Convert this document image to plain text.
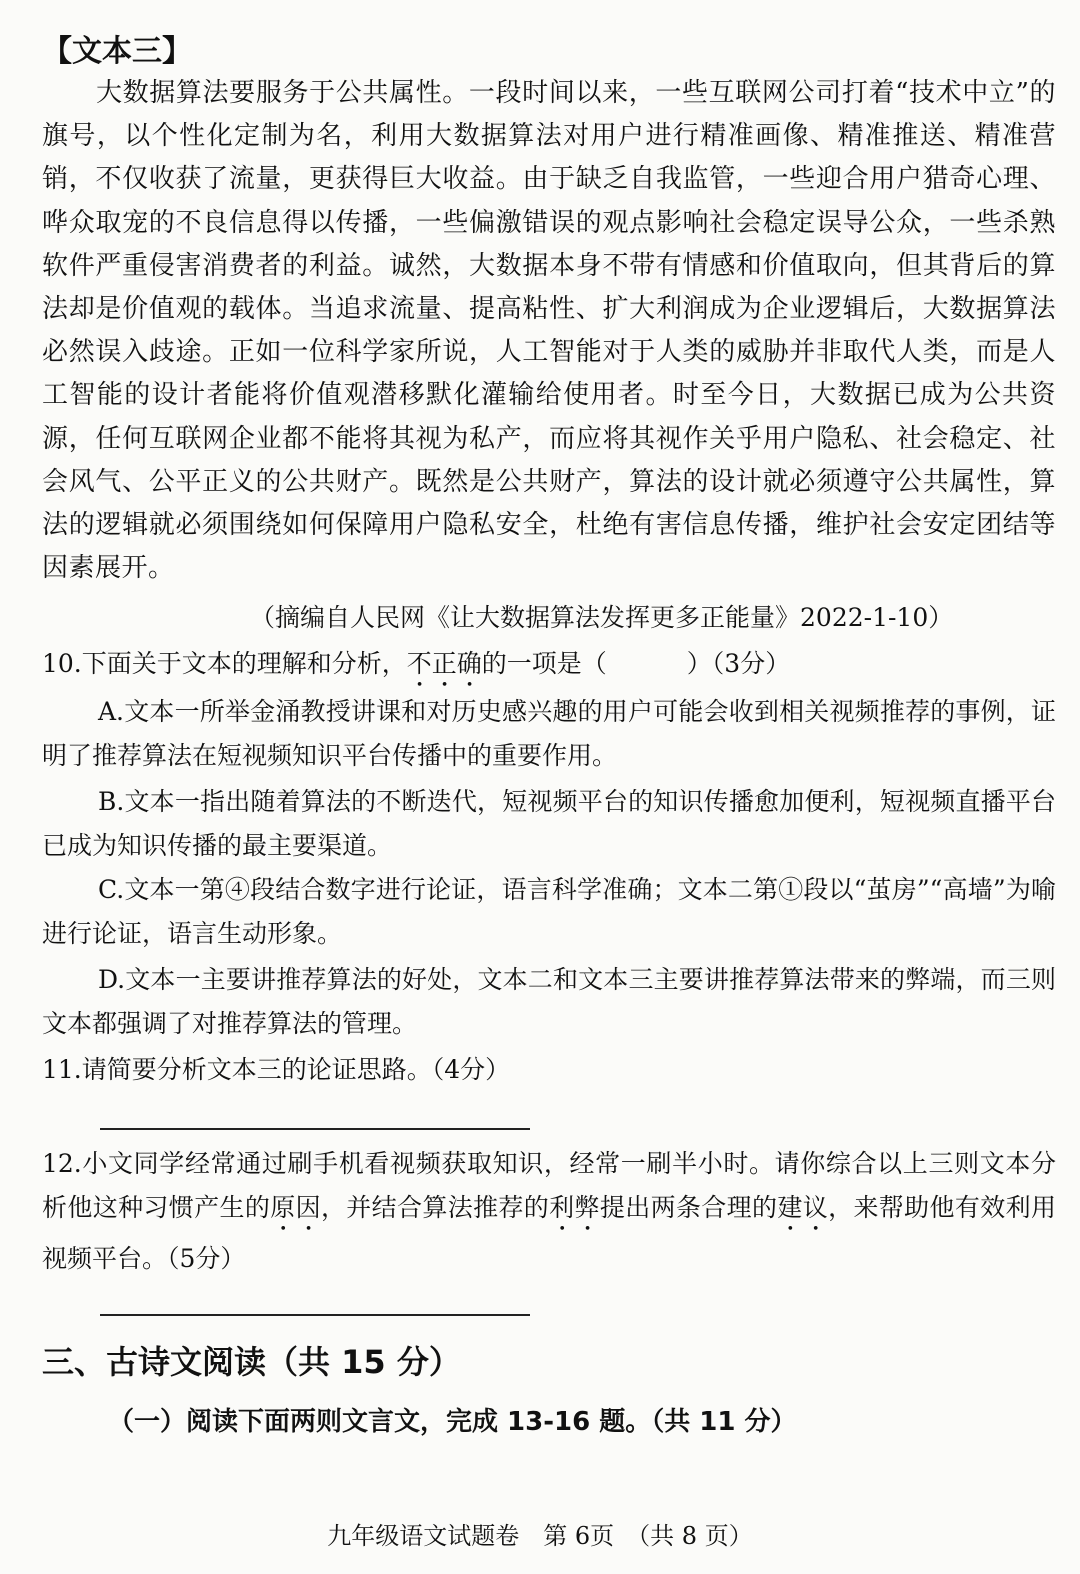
【文本三】

大数据算法要服务于公共属性。一段时间以来，一些互联网公司打着“技术中立”的旗号，以个性化定制为名，利用大数据算法对用户进行精准画像、精准推送、精准营销，不仅收获了流量，更获得巨大收益。由于缺乏自我监管，一些迎合用户猎奇心理、哗众取宠的不良信息得以传播，一些偏激错误的观点影响社会稳定误导公众，一些杀熟软件严重侵害消费者的利益。诚然，大数据本身不带有情感和价值取向，但其背后的算法却是价值观的载体。当追求流量、提高粘性、扩大利润成为企业逻辑后，大数据算法必然误入歧途。正如一位科学家所说，人工智能对于人类的威胁并非取代人类，而是人工智能的设计者能将价值观潜移默化灌输给使用者。时至今日，大数据已成为公共资源，任何互联网企业都不能将其视为私产，而应将其视作关乎用户隐私、社会稳定、社会风气、公平正义的公共财产。既然是公共财产，算法的设计就必须遵守公共属性，算法的逻辑就必须围绕如何保障用户隐私安全，杜绝有害信息传播，维护社会安定团结等因素展开。

（摘编自人民网《让大数据算法发挥更多正能量》2022-1-10）

10.下面关于文本的理解和分析，不正确的一项是（	）（3分）

A.文本一所举金涌教授讲课和对历史感兴趣的用户可能会收到相关视频推荐的事例，证明了推荐算法在短视频知识平台传播中的重要作用。

B.文本一指出随着算法的不断迭代，短视频平台的知识传播愈加便利，短视频直播平台已成为知识传播的最主要渠道。

C.文本一第④段结合数字进行论证，语言科学准确；文本二第①段以“茧房”“高墙”为喻进行论证，语言生动形象。

D.文本一主要讲推荐算法的好处，文本二和文本三主要讲推荐算法带来的弊端，而三则文本都强调了对推荐算法的管理。

11.请简要分析文本三的论证思路。（4分）

12.小文同学经常通过刷手机看视频获取知识，经常一刷半小时。请你综合以上三则文本分析他这种习惯产生的原因，并结合算法推荐的利弊提出两条合理的建议，来帮助他有效利用视频平台。（5分）

三、古诗文阅读（共 15 分）
（一）阅读下面两则文言文，完成 13-16 题。（共 11 分）
九年级语文试题卷　第 6页　（共 8 页）
